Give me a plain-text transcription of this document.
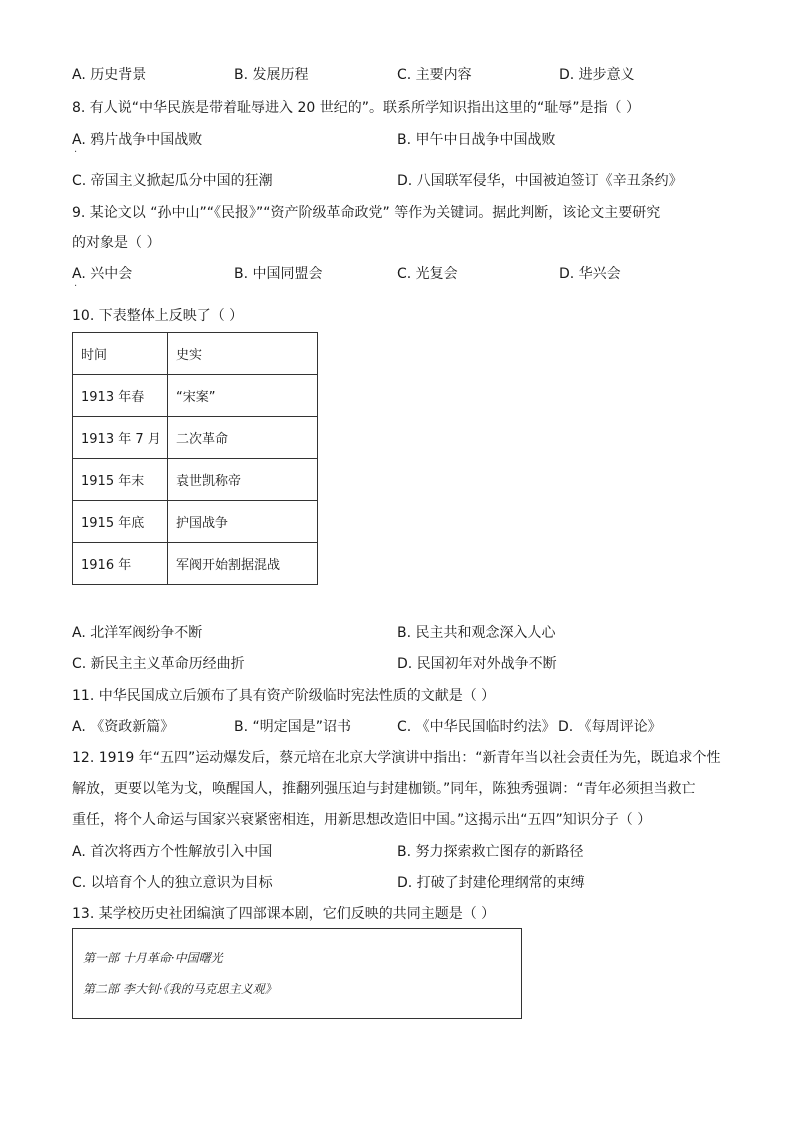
A. 历史背景	B. 发展历程	C. 主要内容	D. 进步意义
8. 有人说“中华民族是带着耻辱进入 20 世纪的”。联系所学知识指出这里的“耻辱”是指（ ）
A. 鸦片战争中国战败
·
B. 甲午中日战争中国战败
C. 帝国主义掀起瓜分中国的狂潮	D. 八国联军侵华，中国被迫签订《辛丑条约》
9. 某论文以 “孙中山”“《民报》”“资产阶级革命政党” 等作为关键词。据此判断，该论文主要研究
的对象是（ ）
A. 兴中会
·
B. 中国同盟会	C. 光复会	D. 华兴会
10. 下表整体上反映了（ ）
时间	史实
1913 年春	“宋案”
1913 年 7 月	二次革命
1915 年末	袁世凯称帝
1915 年底	护国战争
1916 年	军阀开始割据混战
A. 北洋军阀纷争不断	B. 民主共和观念深入人心
C. 新民主主义革命历经曲折	D. 民国初年对外战争不断
11. 中华民国成立后颁布了具有资产阶级临时宪法性质的文献是（ ）
A. 《资政新篇》	B. “明定国是”诏书	C. 《中华民国临时约法》 D. 《每周评论》
12. 1919 年“五四”运动爆发后，蔡元培在北京大学演讲中指出：“新青年当以社会责任为先，既追求个性
解放，更要以笔为戈，唤醒国人，推翻列强压迫与封建枷锁。”同年，陈独秀强调：“青年必须担当救亡
重任，将个人命运与国家兴衰紧密相连，用新思想改造旧中国。”这揭示出“五四”知识分子（ ）
A. 首次将西方个性解放引入中国	B. 努力探索救亡图存的新路径
C. 以培育个人的独立意识为目标	D. 打破了封建伦理纲常的束缚
13. 某学校历史社团编演了四部课本剧，它们反映的共同主题是（ ）
第一部 十月革命·中国曙光
第二部 李大钊·《我的马克思主义观》
